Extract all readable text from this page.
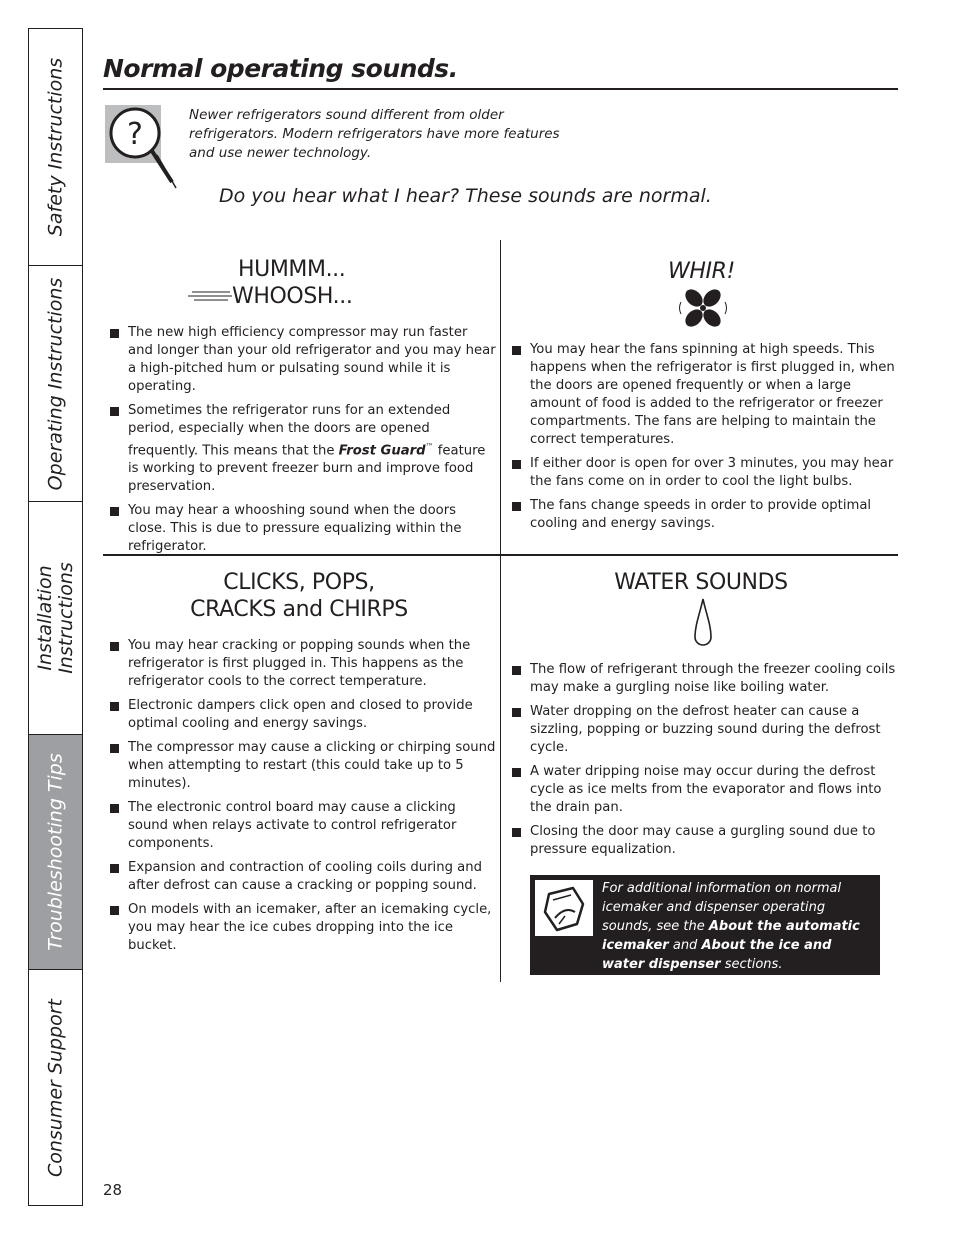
Safety Instructions
Operating Instructions
Installation
Instructions
Troubleshooting Tips
Consumer Support
Normal operating sounds.
?
Newer refrigerators sound different from older refrigerators. Modern refrigerators have more features and use newer technology.
Do you hear what I hear? These sounds are normal.
HUMMM...
WHOOSH...
The new high efficiency compressor may run faster and longer than your old refrigerator and you may hear a high-pitched hum or pulsating sound while it is operating.
Sometimes the refrigerator runs for an extended period, especially when the doors are opened frequently. This means that the Frost Guard™ feature is working to prevent freezer burn and improve food preservation.
You may hear a whooshing sound when the doors close. This is due to pressure equalizing within the refrigerator.
WHIR!
You may hear the fans spinning at high speeds. This happens when the refrigerator is first plugged in, when the doors are opened frequently or when a large amount of food is added to the refrigerator or freezer compartments. The fans are helping to maintain the correct temperatures.
If either door is open for over 3 minutes, you may hear the fans come on in order to cool the light bulbs.
The fans change speeds in order to provide optimal cooling and energy savings.
CLICKS, POPS,
CRACKS and CHIRPS
You may hear cracking or popping sounds when the refrigerator is first plugged in. This happens as the refrigerator cools to the correct temperature.
Electronic dampers click open and closed to provide optimal cooling and energy savings.
The compressor may cause a clicking or chirping sound when attempting to restart (this could take up to 5 minutes).
The electronic control board may cause a clicking sound when relays activate to control refrigerator components.
Expansion and contraction of cooling coils during and after defrost can cause a cracking or popping sound.
On models with an icemaker, after an icemaking cycle, you may hear the ice cubes dropping into the ice bucket.
WATER SOUNDS
The flow of refrigerant through the freezer cooling coils may make a gurgling noise like boiling water.
Water dropping on the defrost heater can cause a sizzling, popping or buzzing sound during the defrost cycle.
A water dripping noise may occur during the defrost cycle as ice melts from the evaporator and flows into the drain pan.
Closing the door may cause a gurgling sound due to pressure equalization.
For additional information on normal icemaker and dispenser operating sounds, see the About the automatic icemaker and About the ice and water dispenser sections.
28
